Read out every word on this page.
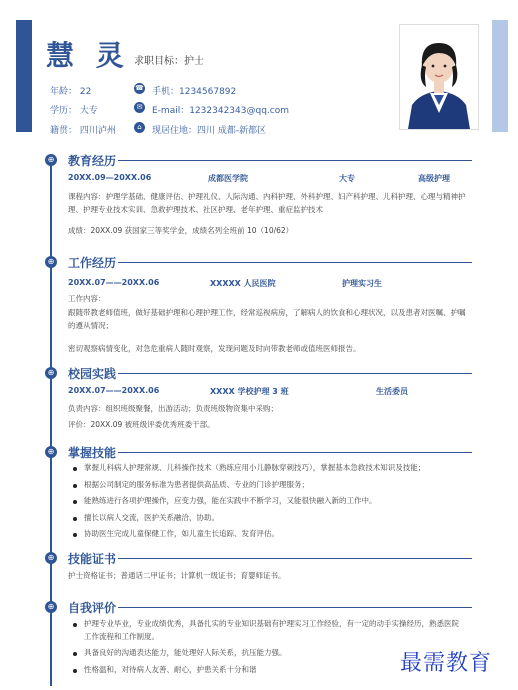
慧 灵 求职目标：护士
年龄： 22
学历： 大专
籍贯： 四川泸州
☎ 手机：1234567892
✉ E-mail：1232342343@qq.com
⌂	现居住地：四川 成都-新都区
⊕ 教育经历
20XX.09—20XX.06	成都医学院	大专	高级护理
课程内容：护理学基础、健康评估、护理礼仪、人际沟通、内科护理、外科护理、妇产科护理、儿科护理、心理与精神护理、护理专业技术实训、急救护理技术、社区护理、老年护理、重症监护技术
成绩：20XX.09 获国家三等奖学金，成绩名列全班前 10（10/62）
⊕ 工作经历
20XX.07——20XX.06	XXXXX 人民医院	护理实习生
工作内容：
跟随带教老师值班，做好基础护理和心理护理工作，经常巡视病房，了解病人的饮食和心理状况，以及患者对医嘱、护嘱的遵从情况；
密切观察病情变化，对急危重病人随时观察，发现问题及时向带教老师或值班医师报告。
⊕ 校园实践
20XX.07——20XX.06	XXXX 学校护理 3 班	生活委员
负责内容：组织班级聚餐，出游活动；负责班级物资集中采购；
评价：20XX.09 被班级评委优秀班委干部。
⊕ 掌握技能
掌握儿科病人护理常规、儿科操作技术（熟练应用小儿静脉穿刺技巧），掌握基本急救技术知识及技能；
根据公司制定的服务标准为患者提供高品质、专业的门诊护理服务；
能熟练进行各项护理操作，应变力强，能在实践中不断学习，又能很快融入新的工作中。
擅长以病人交流，医护关系融洽，协助。
协助医生完成儿童保健工作，如儿童生长追踪、发育评估。
⊕ 技能证书
护士资格证书；普通话二甲证书；计算机一级证书；育婴师证书。
⊕ 自我评价
护理专业毕业，专业成绩优秀，具备扎实的专业知识基础有护理实习工作经验，有一定的动手实操经历，熟悉医院工作流程和工作制度。
具备良好的沟通表达能力，能处理好人际关系，抗压能力强。
性格温和，对待病人友善、耐心，护患关系十分和谐	最需教育
